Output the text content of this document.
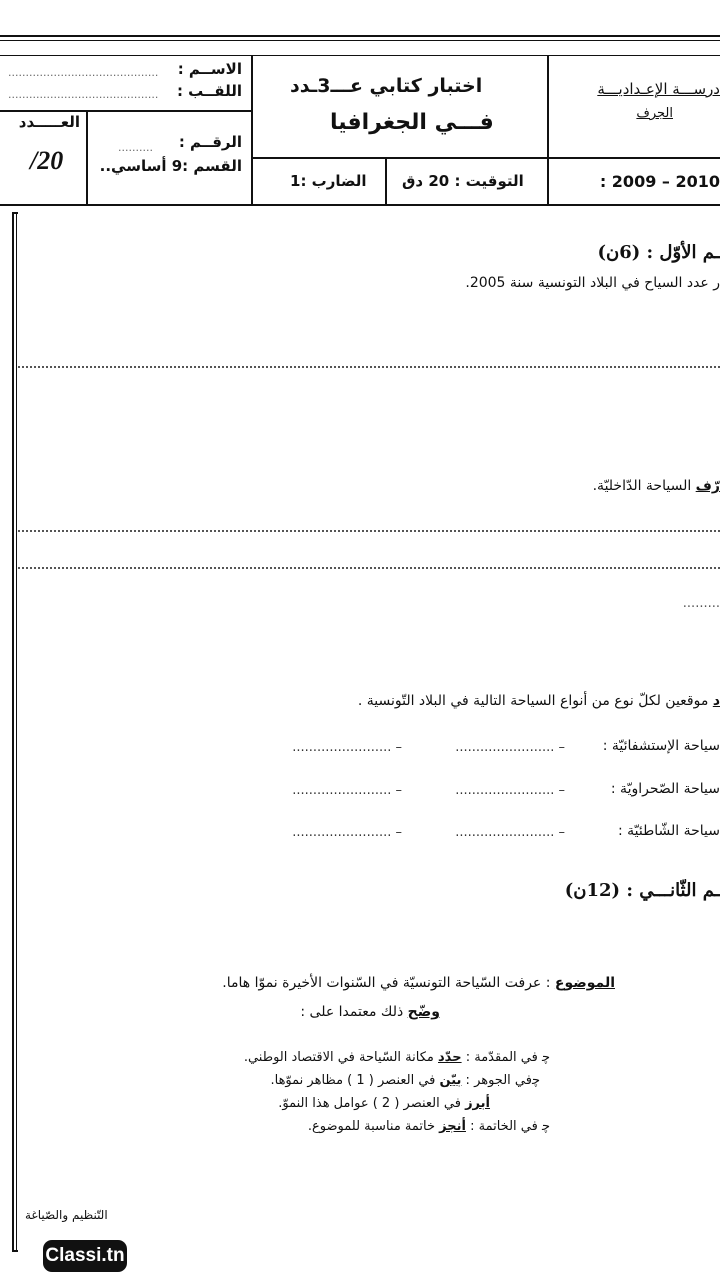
........................................... الاســم :
........................................... اللقــب :
العـــــدد
/20	.......... الرقــم :
القسم :9 أساسي..
اختبار كتابي عـــ3ـدد
فـــي الجغرافيا
درســـة الإعـداديـــة
الجرف
التوقيت : 20 دق
الضارب :1	2010 – 2009 :
ـم الأوّل : (6ن)
ر عدد السياح في البلاد التونسية سنة 2005.
رّف السياحة الدّاخليّة.
.........
د موقعين لكلّ نوع من أنواع السياحة التالية في البلاد التّونسية .
سياحة الإستشفائيّة :
– ........................
– ........................
سياحة الصّحراويّة :
– ........................
– ........................
سياحة الشّاطئيّة :
– ........................
– ........................
ـم الثّانـــي : (12ن)
الموضوع : عرفت السّياحة التونسيّة في السّنوات الأخيرة نموّا هاما.
وضّح ذلك معتمدا على :
ﭼ في المقدّمة : حدّد مكانة السّياحة في الاقتصاد الوطني.
ﭼفي الجوهر : بيّن في العنصر ( 1 ) مظاهر نموّها.
أبرز في العنصر ( 2 ) عوامل هذا النموّ.
ﭼ في الخاتمة : أنجز خاتمة مناسبة للموضوع.
التّنظيم والصّياغة
Classi.tn
